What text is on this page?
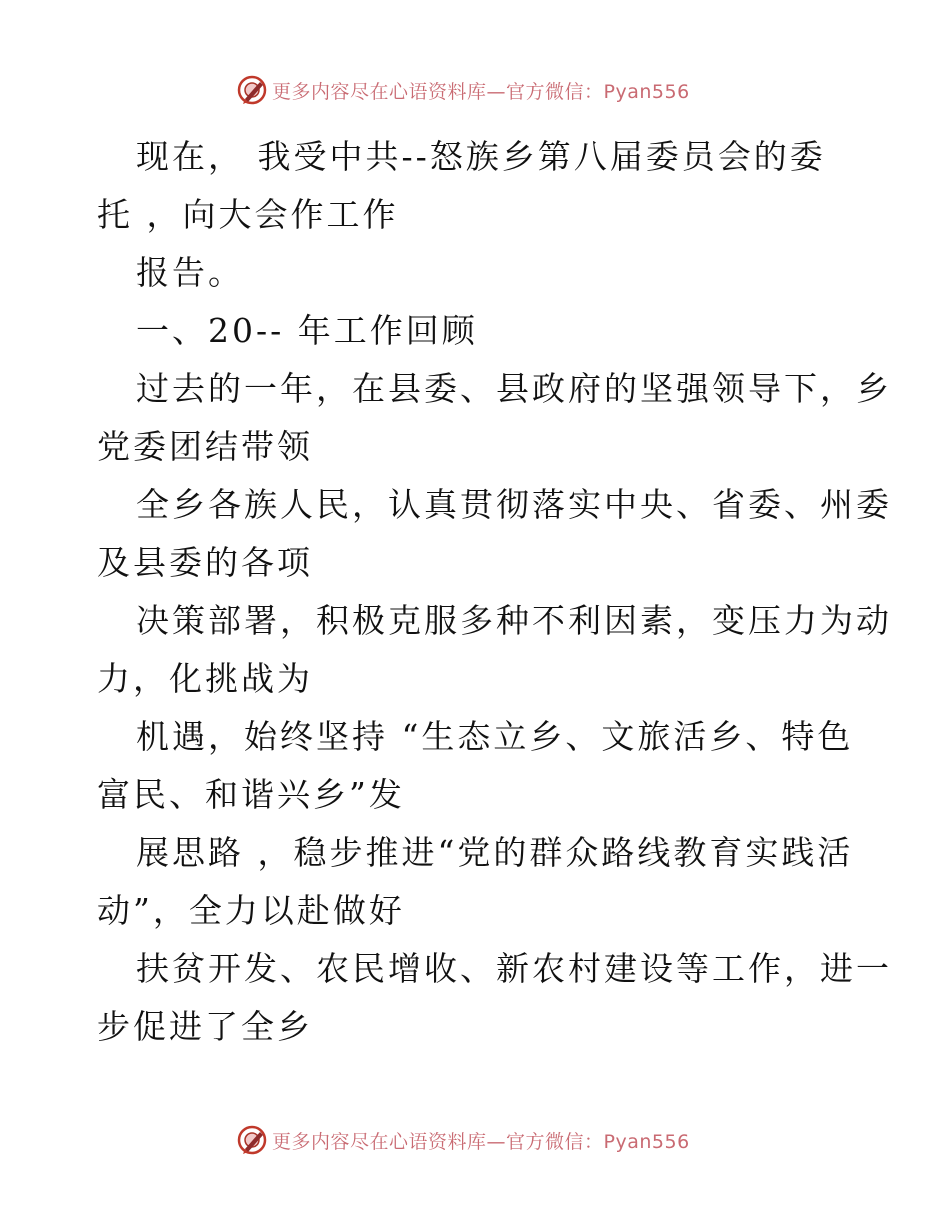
更多内容尽在心语资料库—官方微信：Pyan556
现在， 我受中共--怒族乡第八届委员会的委
托 ，向大会作工作
报告。
一、20-- 年工作回顾
过去的一年，在县委、县政府的坚强领导下，乡
党委团结带领
全乡各族人民，认真贯彻落实中央、省委、州委
及县委的各项
决策部署，积极克服多种不利因素，变压力为动
力，化挑战为
机遇，始终坚持 “生态立乡、文旅活乡、特色
富民、和谐兴乡”发
展思路 ，稳步推进“党的群众路线教育实践活
动”，全力以赴做好
扶贫开发、农民增收、新农村建设等工作，进一
步促进了全乡
更多内容尽在心语资料库—官方微信：Pyan556
